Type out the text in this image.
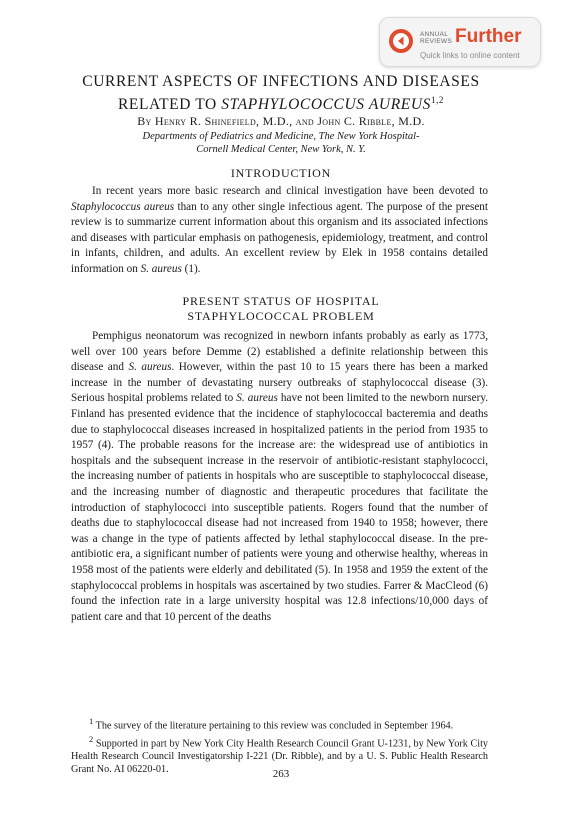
ANNUAL
REVIEWS Further
Quick links to online content
CURRENT ASPECTS OF INFECTIONS AND DISEASES
RELATED TO STAPHYLOCOCCUS AUREUS$^{1,2}$
By Henry R. Shinefield, M.D., and John C. Ribble, M.D.
Departments of Pediatrics and Medicine, The New York Hospital-
Cornell Medical Center, New York, N. Y.
INTRODUCTION

In recent years more basic research and clinical investigation have been devoted to Staphylococcus aureus than to any other single infectious agent. The purpose of the present review is to summarize current information about this organism and its associated infections and diseases with particular emphasis on pathogenesis, epidemiology, treatment, and control in infants, children, and adults. An excellent review by Elek in 1958 contains detailed information on S. aureus (1).

PRESENT STATUS OF HOSPITAL
STAPHYLOCOCCAL PROBLEM

Pemphigus neonatorum was recognized in newborn infants probably as early as 1773, well over 100 years before Demme (2) established a definite relationship between this disease and S. aureus. However, within the past 10 to 15 years there has been a marked increase in the number of devastating nursery outbreaks of staphylococcal disease (3). Serious hospital problems related to S. aureus have not been limited to the newborn nursery. Finland has presented evidence that the incidence of staphylococcal bacteremia and deaths due to staphylococcal diseases increased in hospitalized patients in the period from 1935 to 1957 (4). The probable reasons for the increase are: the widespread use of antibiotics in hospitals and the subsequent increase in the reservoir of antibiotic-resistant staphylococci, the increasing number of patients in hospitals who are susceptible to staphylococcal disease, and the increasing number of diagnostic and therapeutic procedures that facilitate the introduction of staphylococci into susceptible patients. Rogers found that the number of deaths due to staphylococcal disease had not increased from 1940 to 1958; however, there was a change in the type of patients affected by lethal staphylococcal disease. In the pre-antibiotic era, a significant number of patients were young and otherwise healthy, whereas in 1958 most of the patients were elderly and debilitated (5). In 1958 and 1959 the extent of the staphylococcal problems in hospitals was ascertained by two studies. Farrer & MacCleod (6) found the infection rate in a large university hospital was 12.8 infections/10,000 days of patient care and that 10 percent of the deaths

$^1$ The survey of the literature pertaining to this review was concluded in September 1964.

$^2$ Supported in part by New York City Health Research Council Grant U-1231, by New York City Health Research Council Investigatorship I-221 (Dr. Ribble), and by a U. S. Public Health Research Grant No. AI 06220-01.	263
